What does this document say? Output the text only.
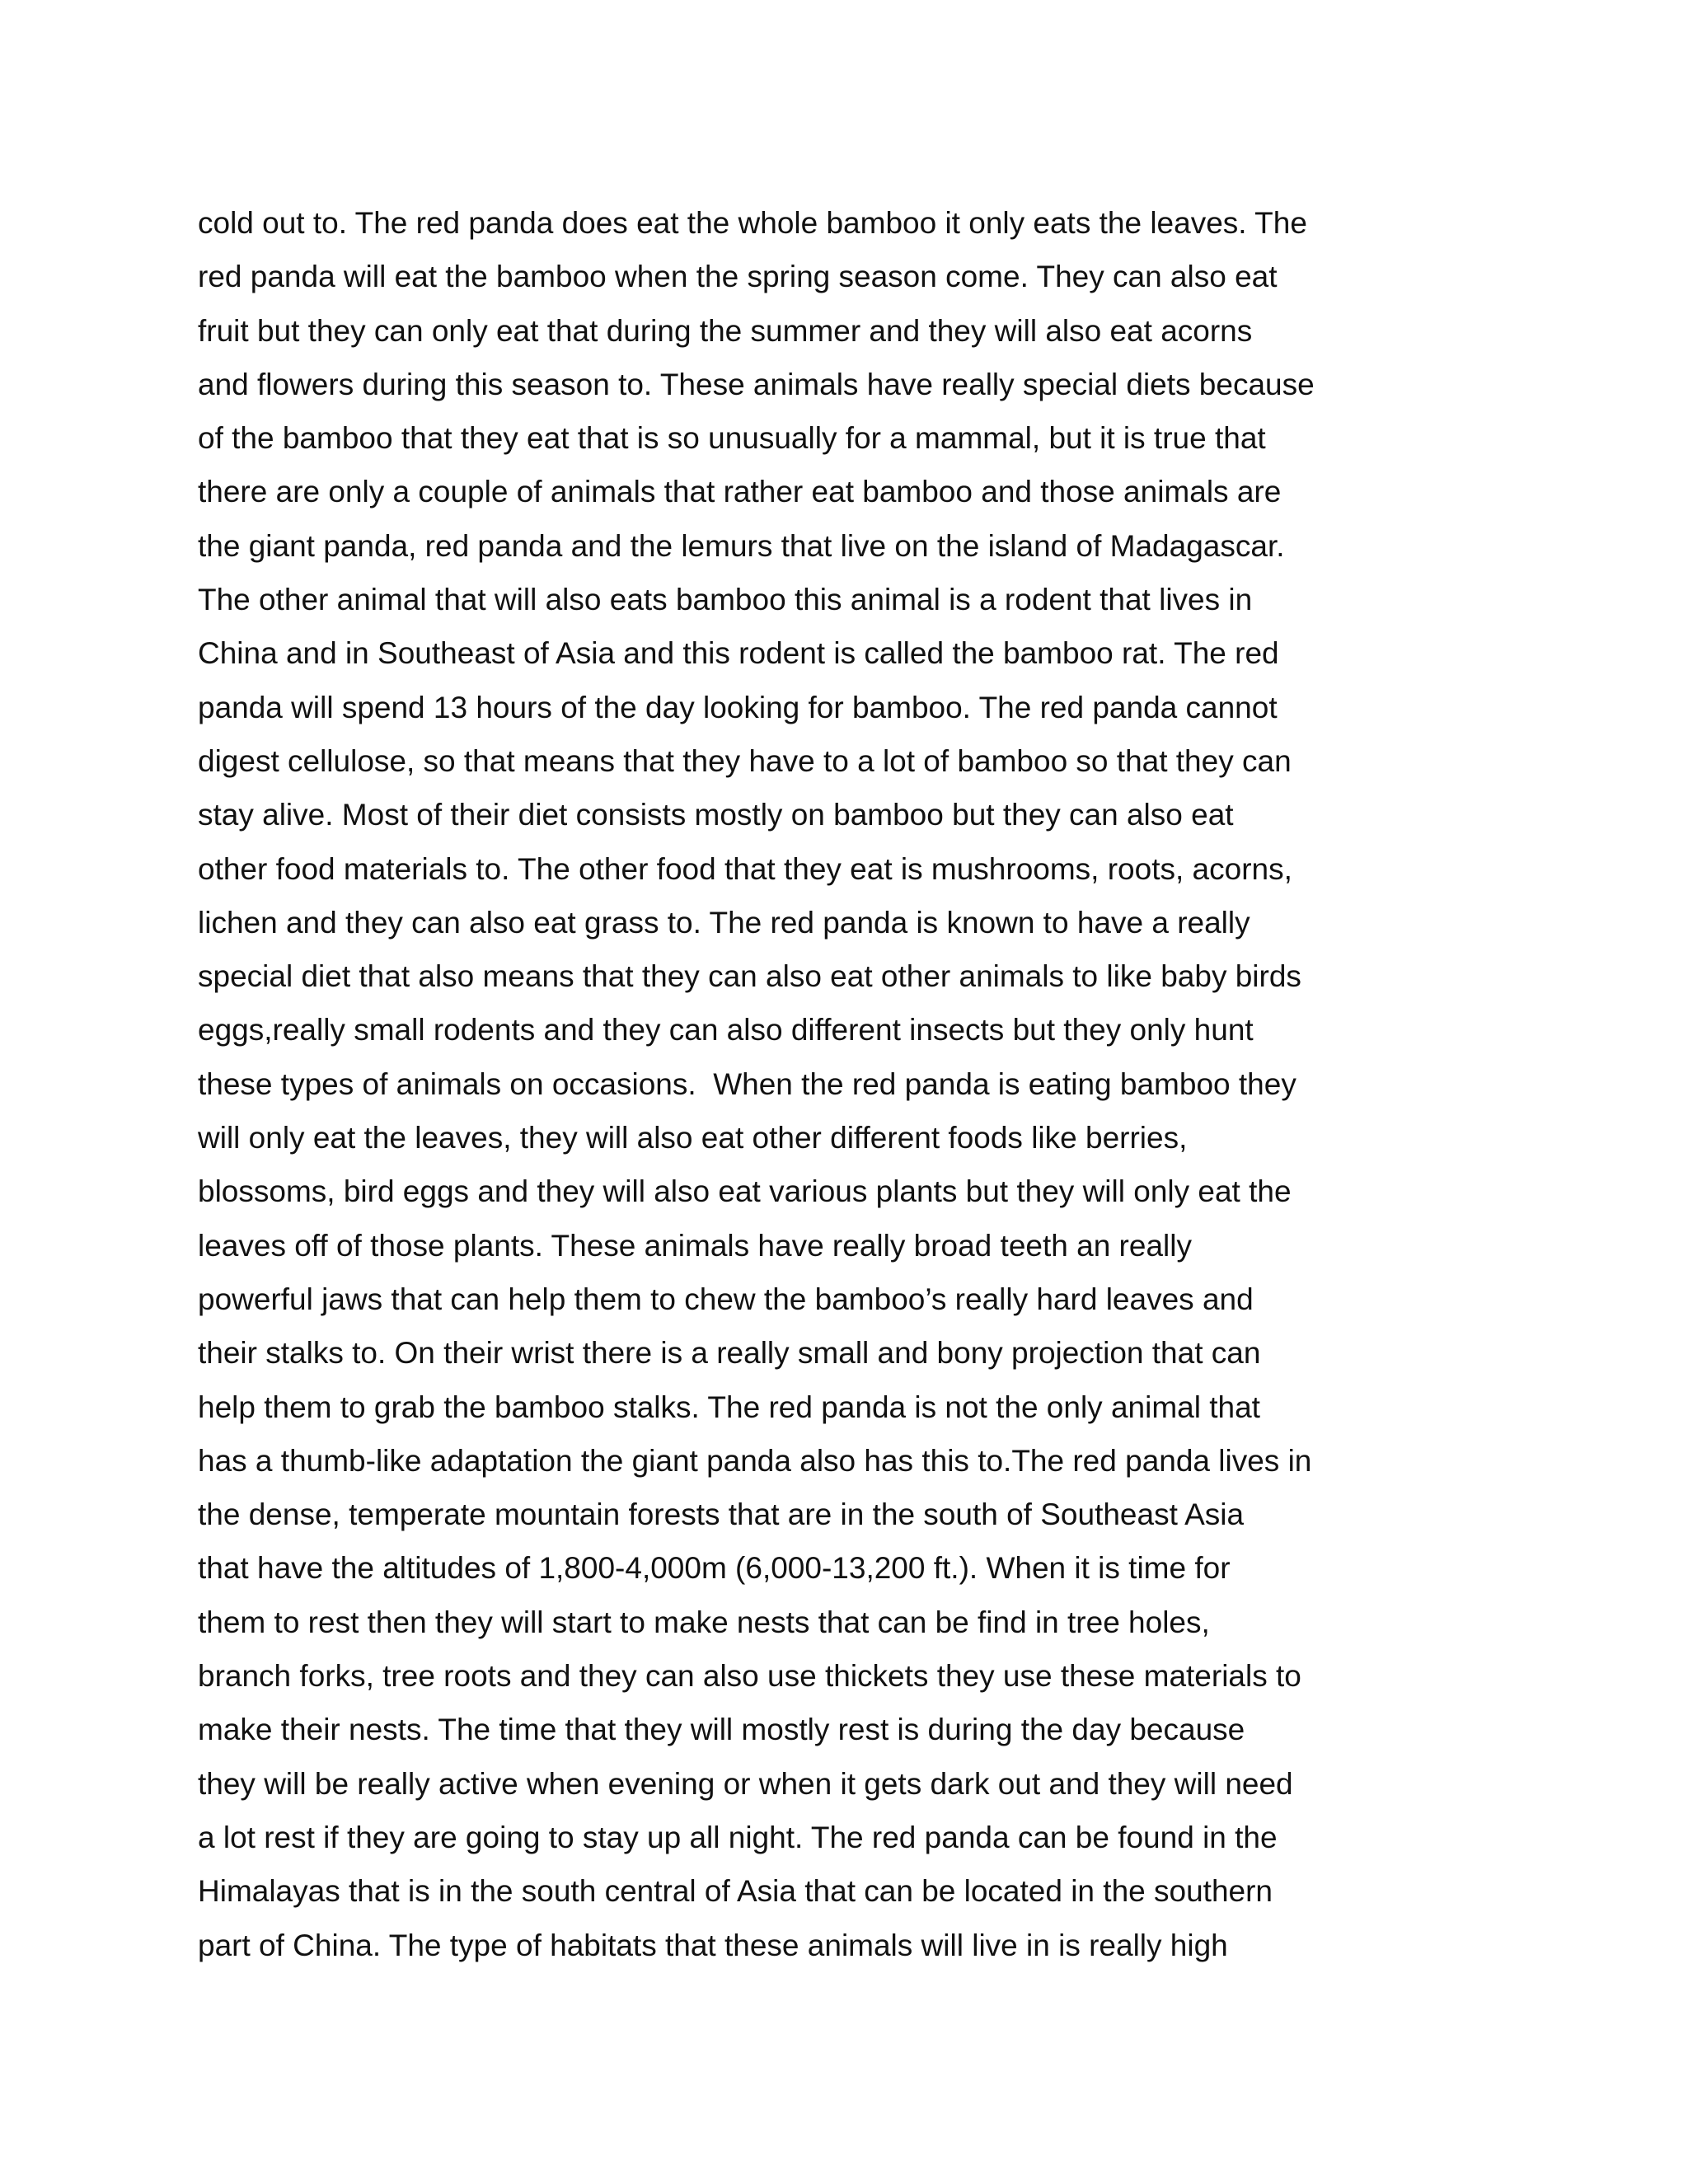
cold out to. The red panda does eat the whole bamboo it only eats the leaves. The
red panda will eat the bamboo when the spring season come. They can also eat
fruit but they can only eat that during the summer and they will also eat acorns
and flowers during this season to. These animals have really special diets because
of the bamboo that they eat that is so unusually for a mammal, but it is true that
there are only a couple of animals that rather eat bamboo and those animals are
the giant panda, red panda and the lemurs that live on the island of Madagascar.
The other animal that will also eats bamboo this animal is a rodent that lives in
China and in Southeast of Asia and this rodent is called the bamboo rat. The red
panda will spend 13 hours of the day looking for bamboo. The red panda cannot
digest cellulose, so that means that they have to a lot of bamboo so that they can
stay alive. Most of their diet consists mostly on bamboo but they can also eat
other food materials to. The other food that they eat is mushrooms, roots, acorns,
lichen and they can also eat grass to. The red panda is known to have a really
special diet that also means that they can also eat other animals to like baby birds
eggs,really small rodents and they can also different insects but they only hunt
these types of animals on occasions.  When the red panda is eating bamboo they
will only eat the leaves, they will also eat other different foods like berries,
blossoms, bird eggs and they will also eat various plants but they will only eat the
leaves off of those plants. These animals have really broad teeth an really
powerful jaws that can help them to chew the bamboo’s really hard leaves and
their stalks to. On their wrist there is a really small and bony projection that can
help them to grab the bamboo stalks. The red panda is not the only animal that
has a thumb-like adaptation the giant panda also has this to.The red panda lives in
the dense, temperate mountain forests that are in the south of Southeast Asia
that have the altitudes of 1,800-4,000m (6,000-13,200 ft.). When it is time for
them to rest then they will start to make nests that can be find in tree holes,
branch forks, tree roots and they can also use thickets they use these materials to
make their nests. The time that they will mostly rest is during the day because
they will be really active when evening or when it gets dark out and they will need
a lot rest if they are going to stay up all night. The red panda can be found in the
Himalayas that is in the south central of Asia that can be located in the southern
part of China. The type of habitats that these animals will live in is really high
